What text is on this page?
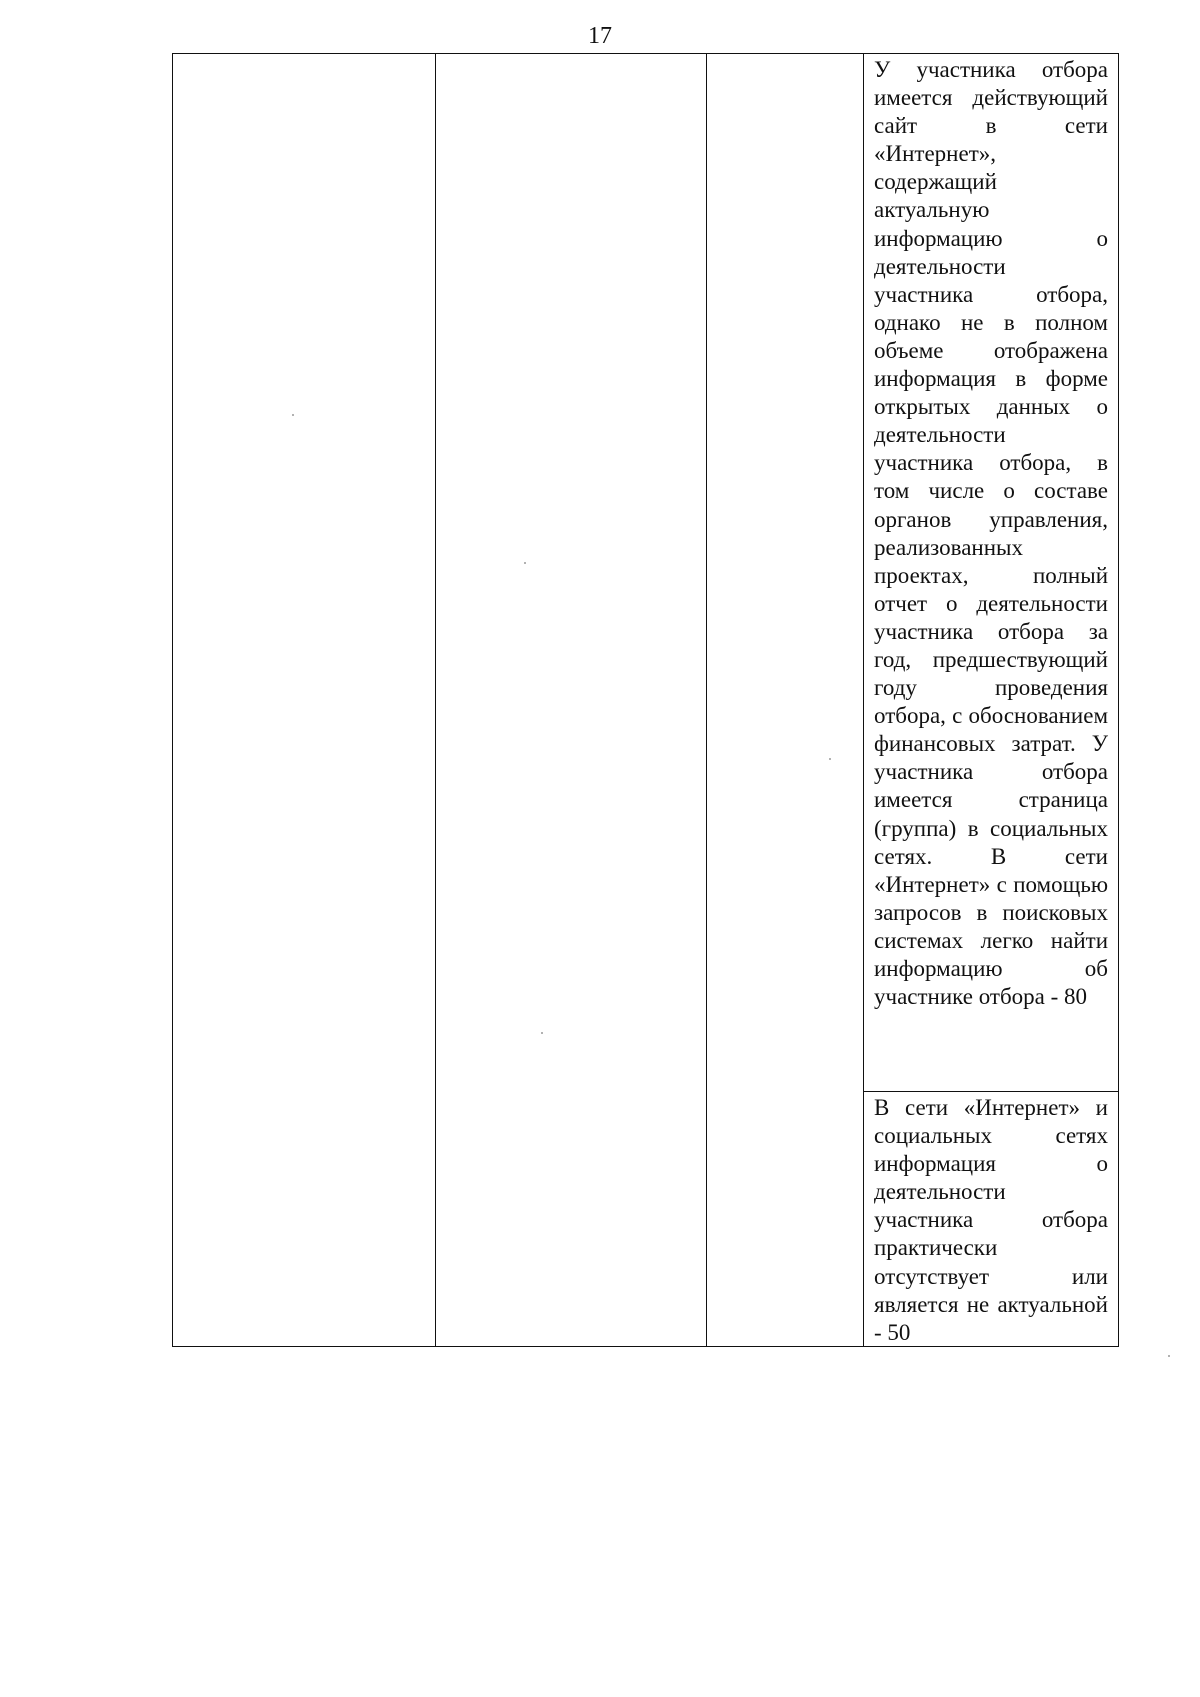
17

У участника отбора имеется действующий сайт в сети «Интернет», содержащий актуальную информацию о деятельности участника отбора, однако не в полном объеме отображена информация в форме открытых данных о деятельности участника отбора, в том числе о составе органов управления, реализованных проектах, полный отчет о деятельности участника отбора за год, предшествующий году проведения отбора, с обоснованием финансовых затрат. У участника отбора имеется страница (группа) в социальных сетях. В сети «Интернет» с помощью запросов в поисковых системах легко найти информацию об участнике отбора - 80

В сети «Интернет» и социальных сетях информация о деятельности участника отбора практически отсутствует или является не актуальной - 50
